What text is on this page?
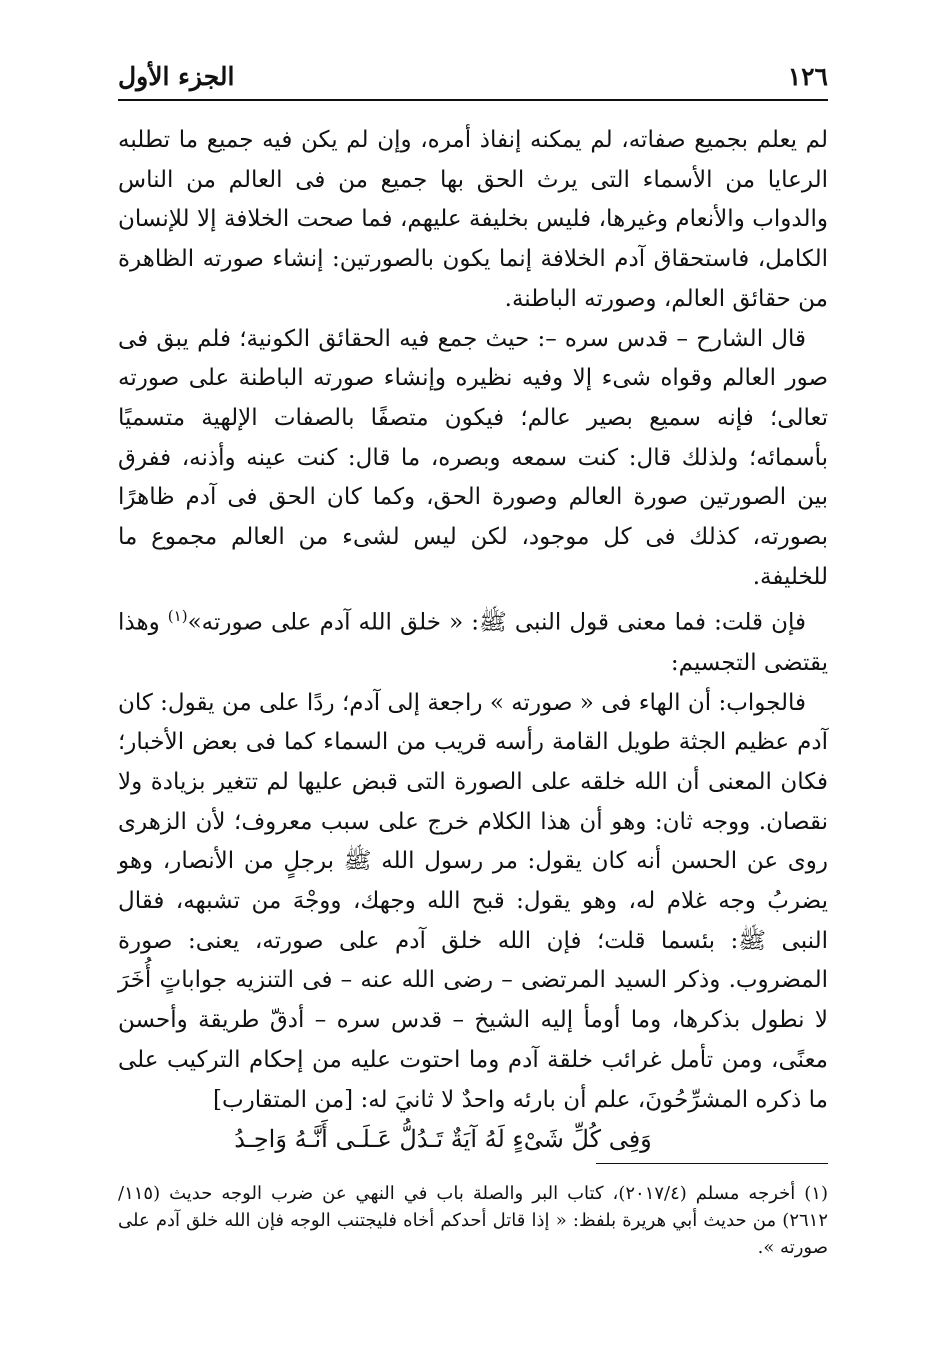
١٢٦
الجزء الأول

لم يعلم بجميع صفاته، لم يمكنه إنفاذ أمره، وإن لم يكن فيه جميع ما تطلبه الرعايا من الأسماء التى يرث الحق بها جميع من فى العالم من الناس والدواب والأنعام وغيرها، فليس بخليفة عليهم، فما صحت الخلافة إلا للإنسان الكامل، فاستحقاق آدم الخلافة إنما يكون بالصورتين: إنشاء صورته الظاهرة من حقائق العالم، وصورته الباطنة.

قال الشارح – قدس سره –: حيث جمع فيه الحقائق الكونية؛ فلم يبق فى صور العالم وقواه شىء إلا وفيه نظيره وإنشاء صورته الباطنة على صورته تعالى؛ فإنه سميع بصير عالم؛ فيكون متصفًا بالصفات الإلهية متسميًا بأسمائه؛ ولذلك قال: كنت سمعه وبصره، ما قال: كنت عينه وأذنه، ففرق بين الصورتين صورة العالم وصورة الحق، وكما كان الحق فى آدم ظاهرًا بصورته، كذلك فى كل موجود، لكن ليس لشىء من العالم مجموع ما للخليفة.

فإن قلت: فما معنى قول النبى ﷺ: « خلق الله آدم على صورته»$^{(١)}$ وهذا يقتضى التجسيم:

فالجواب: أن الهاء فى « صورته » راجعة إلى آدم؛ ردًا على من يقول: كان آدم عظيم الجثة طويل القامة رأسه قريب من السماء كما فى بعض الأخبار؛ فكان المعنى أن الله خلقه على الصورة التى قبض عليها لم تتغير بزيادة ولا نقصان. ووجه ثان: وهو أن هذا الكلام خرج على سبب معروف؛ لأن الزهرى روى عن الحسن أنه كان يقول: مر رسول الله ﷺ برجلٍ من الأنصار، وهو يضربُ وجه غلام له، وهو يقول: قبح الله وجهك، ووجْهَ من تشبهه، فقال النبى ﷺ: بئسما قلت؛ فإن الله خلق آدم على صورته، يعنى: صورة المضروب. وذكر السيد المرتضى – رضى الله عنه – فى التنزيه جواباتٍ أُخَرَ لا نطول بذكرها، وما أومأ إليه الشيخ – قدس سره – أدقّ طريقة وأحسن معنًى، ومن تأمل غرائب خلقة آدم وما احتوت عليه من إحكام التركيب على ما ذكره المشرِّحُونَ، علم أن بارئه واحدٌ لا ثانيَ له: [من المتقارب]

وَفِى كُلِّ شَىْءٍ لَهُ آيَةٌ تَـدُلُّ عَـلَـى أَنَّـهُ وَاحِـدُ

(١) أخرجه مسلم (٢٠١٧/٤)، كتاب البر والصلة باب في النهي عن ضرب الوجه حديث (١١٥/ ٢٦١٢) من حديث أبي هريرة بلفظ: « إذا قاتل أحدكم أخاه فليجتنب الوجه فإن الله خلق آدم على صورته ».
